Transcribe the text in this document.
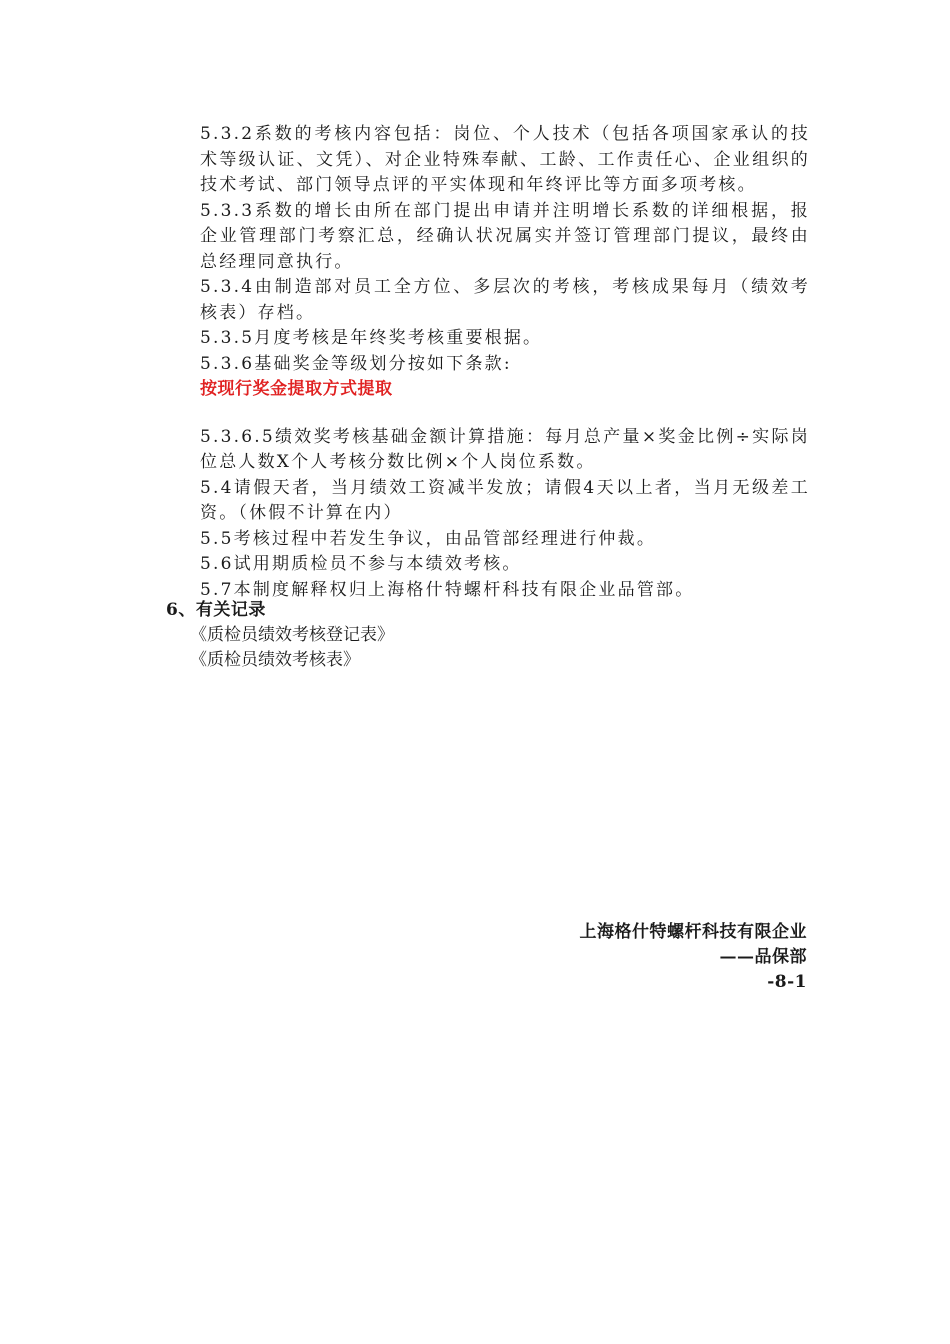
5.3.2系数的考核内容包括：岗位、个人技术（包括各项国家承认的技术等级认证、文凭）、对企业特殊奉献、工龄、工作责任心、企业组织的技术考试、部门领导点评的平实体现和年终评比等方面多项考核。

5.3.3系数的增长由所在部门提出申请并注明增长系数的详细根据，报企业管理部门考察汇总，经确认状况属实并签订管理部门提议，最终由总经理同意执行。

5.3.4由制造部对员工全方位、多层次的考核，考核成果每月（绩效考核表）存档。

5.3.5月度考核是年终奖考核重要根据。

5.3.6基础奖金等级划分按如下条款:

按现行奖金提取方式提取

5.3.6.5绩效奖考核基础金额计算措施：每月总产量×奖金比例÷实际岗位总人数X个人考核分数比例×个人岗位系数。

5.4请假天者，当月绩效工资减半发放；请假4天以上者，当月无级差工资。（休假不计算在内）

5.5考核过程中若发生争议，由品管部经理进行仲裁。

5.6试用期质检员不参与本绩效考核。

5.7本制度解释权归上海格什特螺杆科技有限企业品管部。

6、有关记录
《质检员绩效考核登记表》
《质检员绩效考核表》
上海格什特螺杆科技有限企业
——品保部
-8-1
